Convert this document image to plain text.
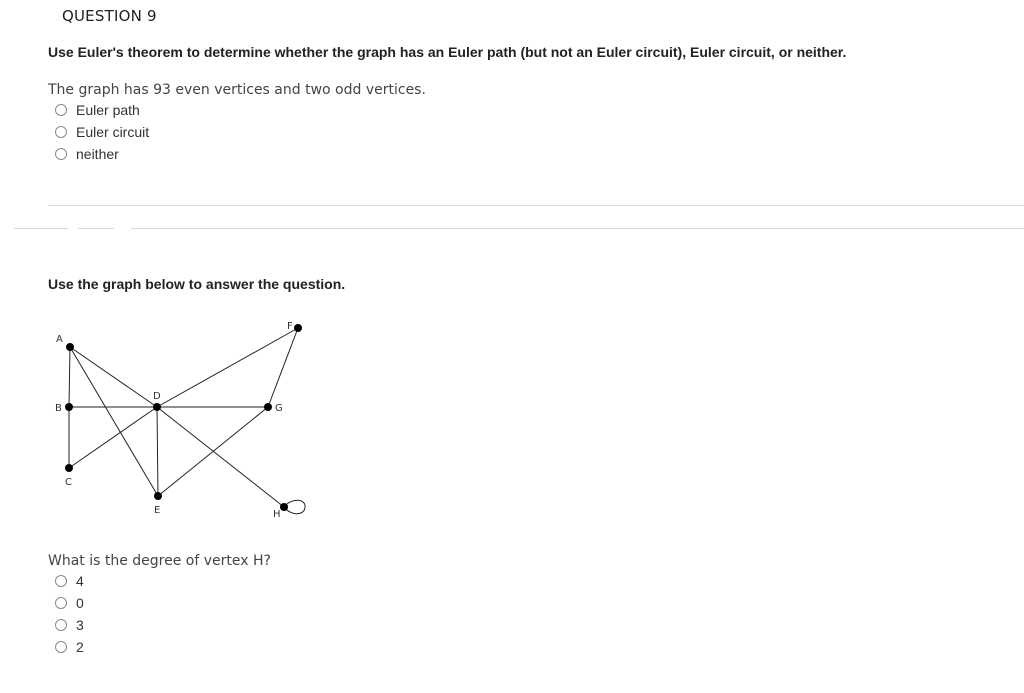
QUESTION 9
Use Euler's theorem to determine whether the graph has an Euler path (but not an Euler circuit), Euler circuit, or neither.
The graph has 93 even vertices and two odd vertices.
Euler path
Euler circuit
neither
Use the graph below to answer the question.
A
B
C
D
E
F
G
H
What is the degree of vertex H?
4
0
3
2
